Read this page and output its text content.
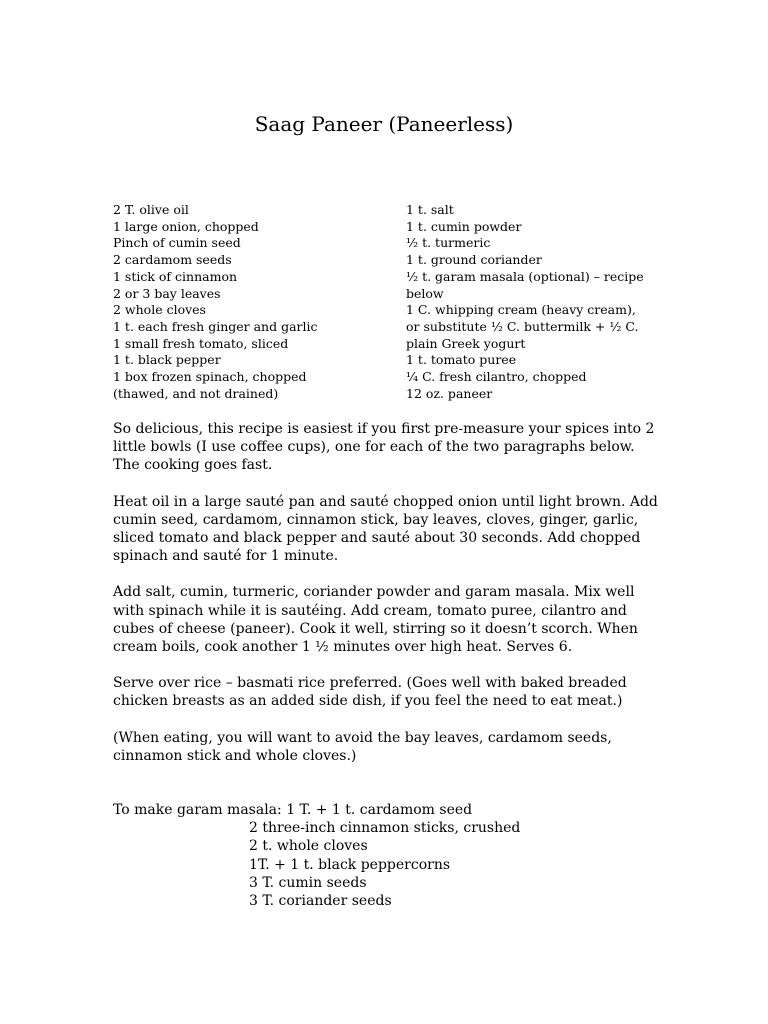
Saag Paneer (Paneerless)
2 T. olive oil
1 large onion, chopped
Pinch of cumin seed
2 cardamom seeds
1 stick of cinnamon
2 or 3 bay leaves
2 whole cloves
1 t. each fresh ginger and garlic
1 small fresh tomato, sliced
1 t. black pepper
1 box frozen spinach, chopped (thawed, and not drained)
1 t. salt
1 t. cumin powder
½ t. turmeric
1 t. ground coriander
½ t. garam masala (optional) – recipe below
1 C. whipping cream (heavy cream), or substitute ½ C. buttermilk + ½ C. plain Greek yogurt
1 t. tomato puree
¼ C. fresh cilantro, chopped
12 oz. paneer

So delicious, this recipe is easiest if you first pre-measure your spices into 2 little bowls (I use coffee cups), one for each of the two paragraphs below. The cooking goes fast.

Heat oil in a large sauté pan and sauté chopped onion until light brown. Add cumin seed, cardamom, cinnamon stick, bay leaves, cloves, ginger, garlic, sliced tomato and black pepper and sauté about 30 seconds. Add chopped spinach and sauté for 1 minute.

Add salt, cumin, turmeric, coriander powder and garam masala. Mix well with spinach while it is sautéing. Add cream, tomato puree, cilantro and cubes of cheese (paneer). Cook it well, stirring so it doesn’t scorch. When cream boils, cook another 1 ½ minutes over high heat. Serves 6.

Serve over rice – basmati rice preferred. (Goes well with baked breaded chicken breasts as an added side dish, if you feel the need to eat meat.)

(When eating, you will want to avoid the bay leaves, cardamom seeds, cinnamon stick and whole cloves.)

To make garam masala: 1 T. + 1 t. cardamom seed

2 three-inch cinnamon sticks, crushed
2 t. whole cloves
1T. + 1 t. black peppercorns
3 T. cumin seeds
3 T. coriander seeds
